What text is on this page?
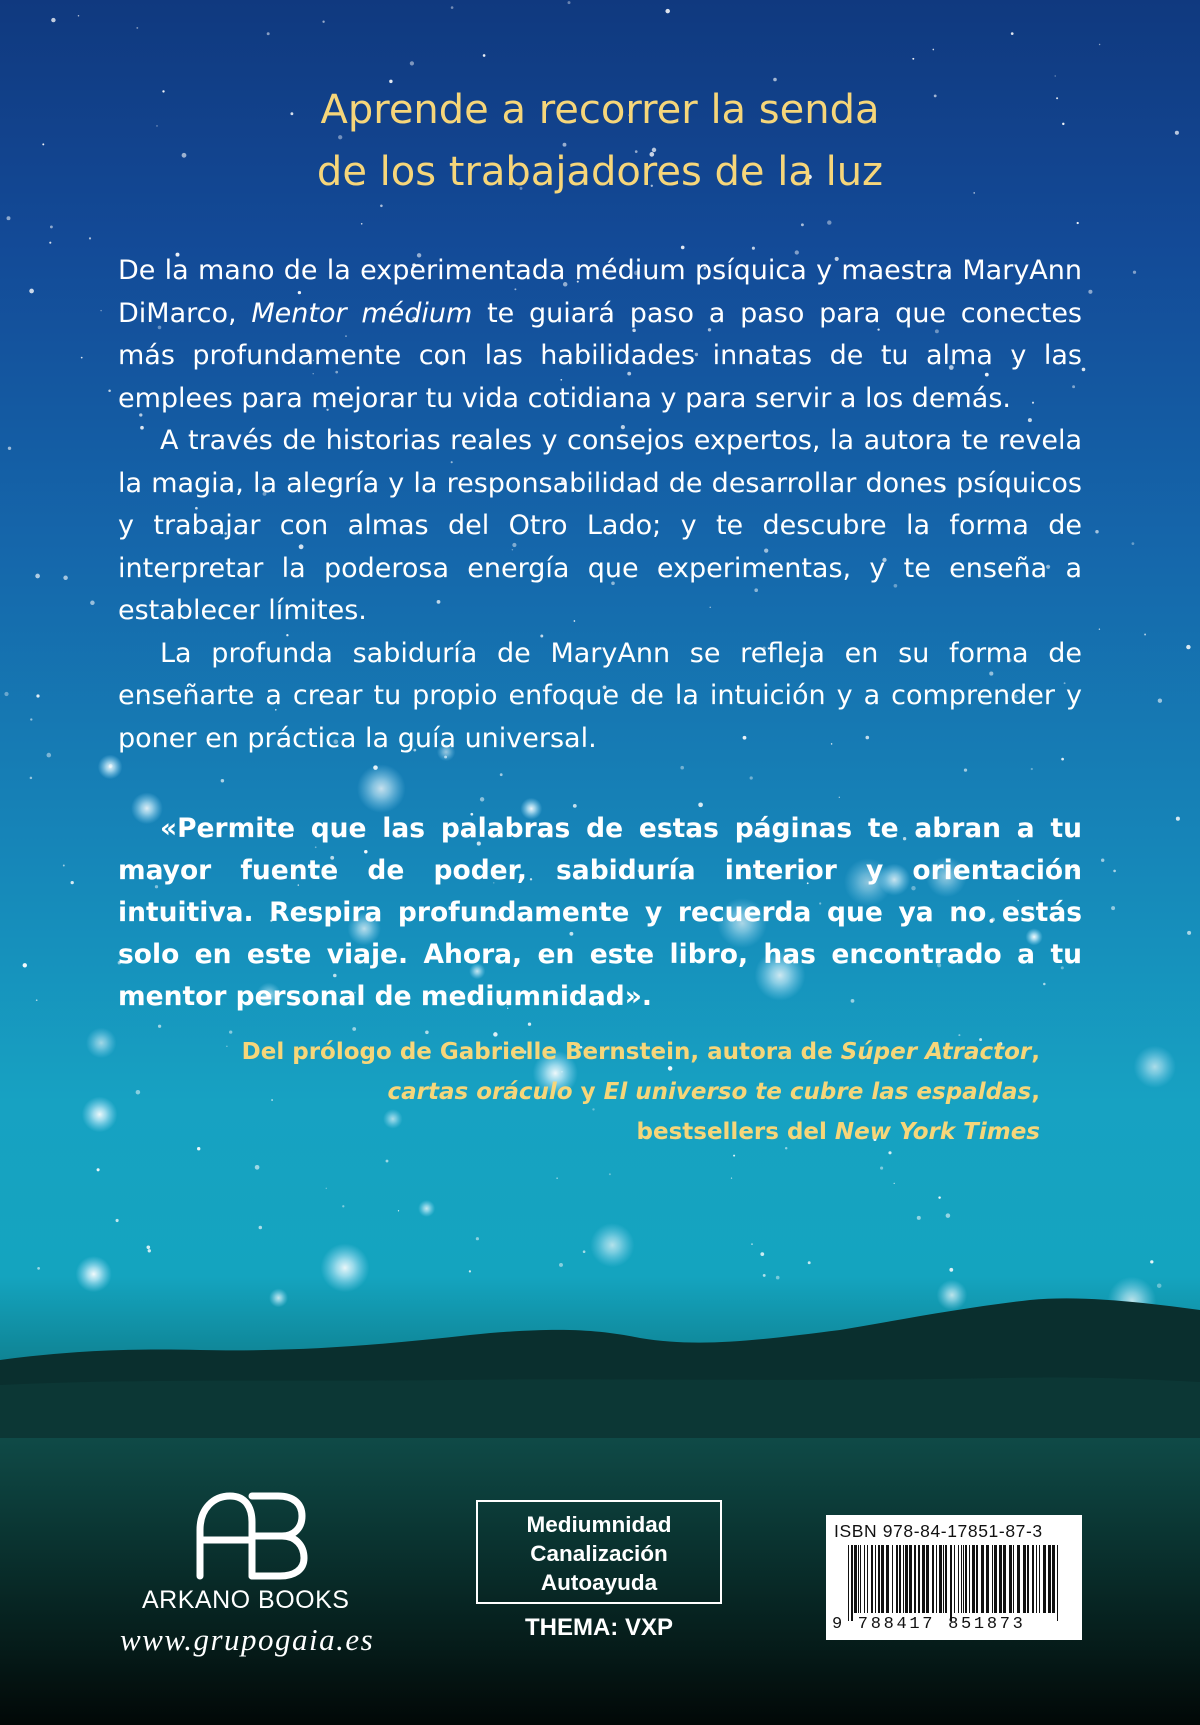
Aprende a recorrer la senda
de los trabajadores de la luz

De la mano de la experimentada médium psíquica y maestra MaryAnn DiMarco, Mentor médium te guiará paso a paso para que conectes más profundamente con las habilidades innatas de tu alma y las emplees para mejorar tu vida cotidiana y para servir a los demás.

A través de historias reales y consejos expertos, la autora te revela la magia, la alegría y la responsabilidad de desarrollar dones psíquicos y trabajar con almas del Otro Lado; y te descubre la forma de interpretar la poderosa energía que experimentas, y te enseña a establecer límites.

La profunda sabiduría de MaryAnn se refleja en su forma de enseñarte a crear tu propio enfoque de la intuición y a comprender y poner en práctica la guía universal.

«Permite que las palabras de estas páginas te abran a tu mayor fuente de poder, sabiduría interior y orientación intuitiva. Respira profundamente y recuerda que ya no estás solo en este viaje. Ahora, en este libro, has encontrado a tu mentor personal de mediumnidad».

Del prólogo de Gabrielle Bernstein, autora de Súper Atractor,
cartas oráculo y El universo te cubre las espaldas,
bestsellers del New York Times
ARKANO BOOKS
www.grupogaia.es
Mediumnidad
Canalización
Autoayuda
THEMA: VXP
ISBN 978-84-17851-87-3
9 788417 851873
